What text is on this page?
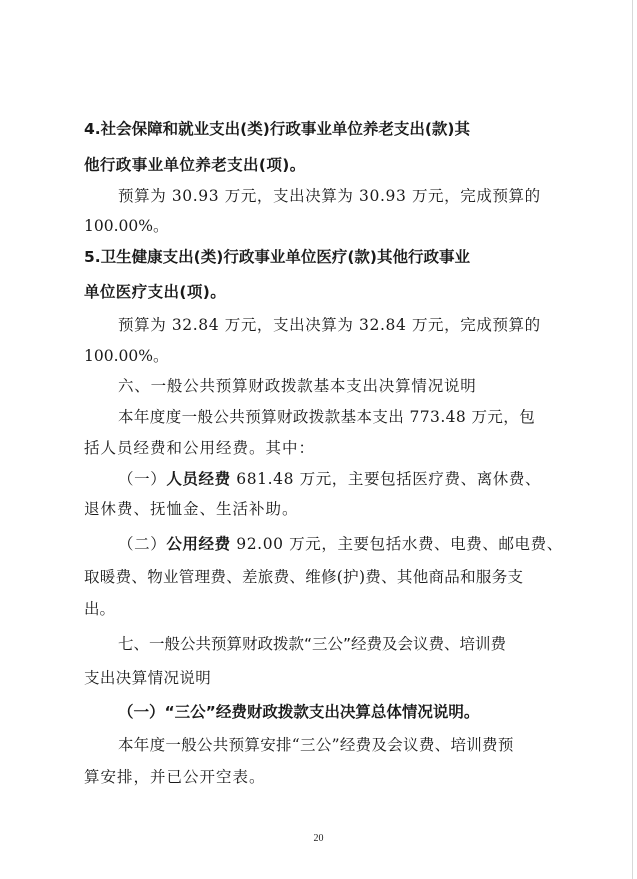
4.社会保障和就业支出(类)行政事业单位养老支出(款)其
他行政事业单位养老支出(项)。
预算为 30.93 万元，支出决算为 30.93 万元，完成预算的
100.00%。
5.卫生健康支出(类)行政事业单位医疗(款)其他行政事业
单位医疗支出(项)。
预算为 32.84 万元，支出决算为 32.84 万元，完成预算的
100.00%。
六、一般公共预算财政拨款基本支出决算情况说明
本年度度一般公共预算财政拨款基本支出 773.48 万元，包
括人员经费和公用经费。其中：
（一）人员经费 681.48 万元，主要包括医疗费、离休费、
退休费、抚恤金、生活补助。
（二）公用经费 92.00 万元，主要包括水费、电费、邮电费、
取暖费、物业管理费、差旅费、维修(护)费、其他商品和服务支
出。
七、一般公共预算财政拨款“三公”经费及会议费、培训费
支出决算情况说明
（一）“三公”经费财政拨款支出决算总体情况说明。
本年度一般公共预算安排“三公”经费及会议费、培训费预
算安排，并已公开空表。
20
